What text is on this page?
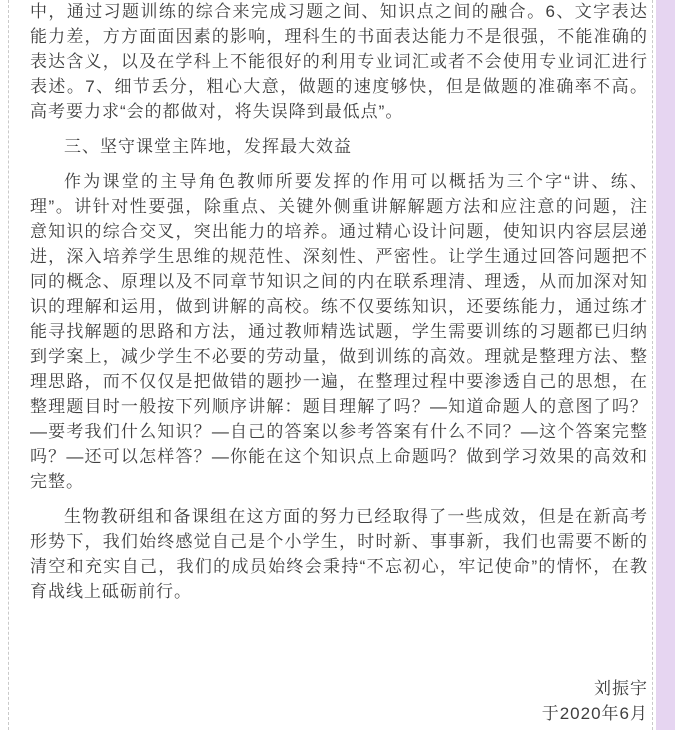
中，通过习题训练的综合来完成习题之间、知识点之间的融合。6、文字表达能力差，方方面面因素的影响，理科生的书面表达能力不是很强，不能准确的表达含义，以及在学科上不能很好的利用专业词汇或者不会使用专业词汇进行表述。7、细节丢分，粗心大意，做题的速度够快，但是做题的准确率不高。高考要力求“会的都做对，将失误降到最低点”。

三、坚守课堂主阵地，发挥最大效益

作为课堂的主导角色教师所要发挥的作用可以概括为三个字“讲、练、理”。讲针对性要强，除重点、关键外侧重讲解解题方法和应注意的问题，注意知识的综合交叉，突出能力的培养。通过精心设计问题，使知识内容层层递进，深入培养学生思维的规范性、深刻性、严密性。让学生通过回答问题把不同的概念、原理以及不同章节知识之间的内在联系理清、理透，从而加深对知识的理解和运用，做到讲解的高校。练不仅要练知识，还要练能力，通过练才能寻找解题的思路和方法，通过教师精选试题，学生需要训练的习题都已归纳到学案上，减少学生不必要的劳动量，做到训练的高效。理就是整理方法、整理思路，而不仅仅是把做错的题抄一遍，在整理过程中要渗透自己的思想，在整理题目时一般按下列顺序讲解：题目理解了吗？—知道命题人的意图了吗？—要考我们什么知识？—自己的答案以参考答案有什么不同？—这个答案完整吗？—还可以怎样答？—你能在这个知识点上命题吗？做到学习效果的高效和完整。

生物教研组和备课组在这方面的努力已经取得了一些成效，但是在新高考形势下，我们始终感觉自己是个小学生，时时新、事事新，我们也需要不断的清空和充实自己，我们的成员始终会秉持“不忘初心，牢记使命”的情怀，在教育战线上砥砺前行。

刘振宇

于2020年6月
